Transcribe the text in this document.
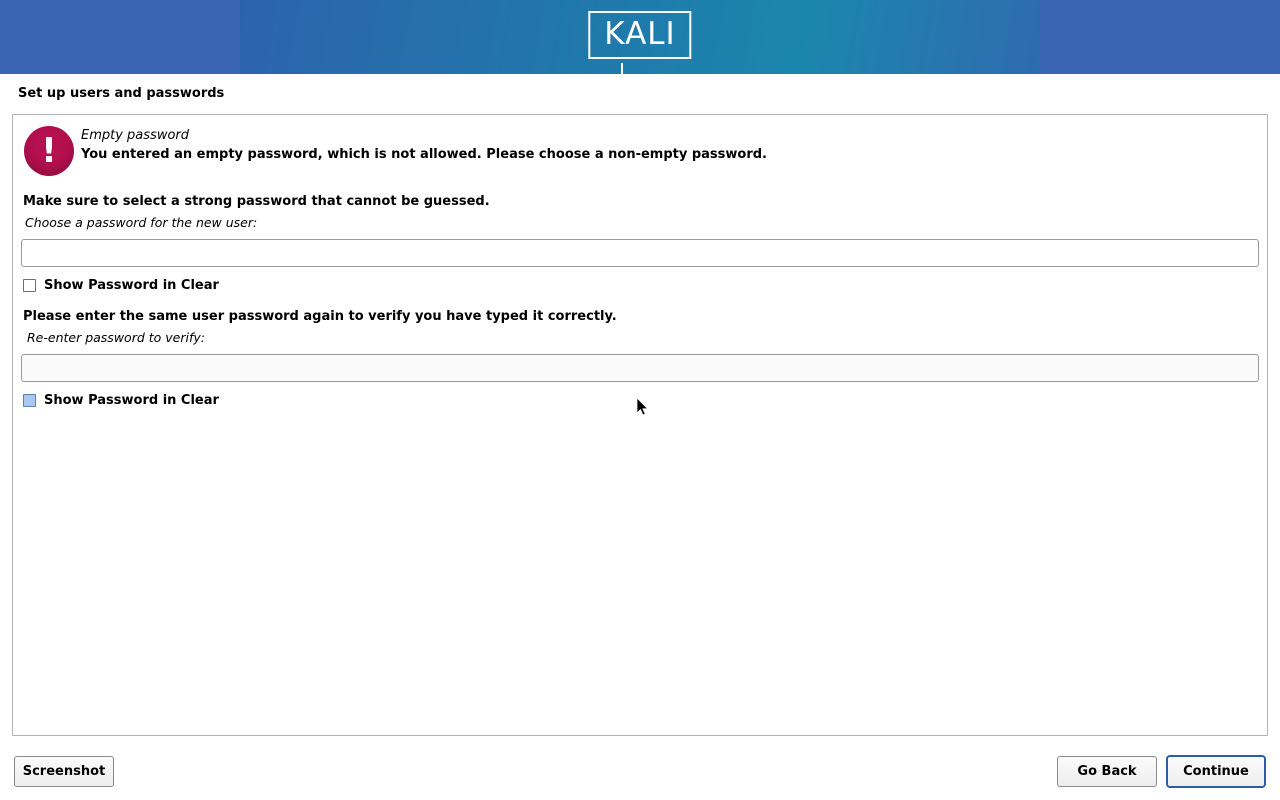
KALI
Set up users and passwords
!	Empty password
You entered an empty password, which is not allowed. Please choose a non-empty password.
Make sure to select a strong password that cannot be guessed.
Choose a password for the new user:
Show Password in Clear
Please enter the same user password again to verify you have typed it correctly.
Re-enter password to verify:
Show Password in Clear
Screenshot	Go Back	Continue
